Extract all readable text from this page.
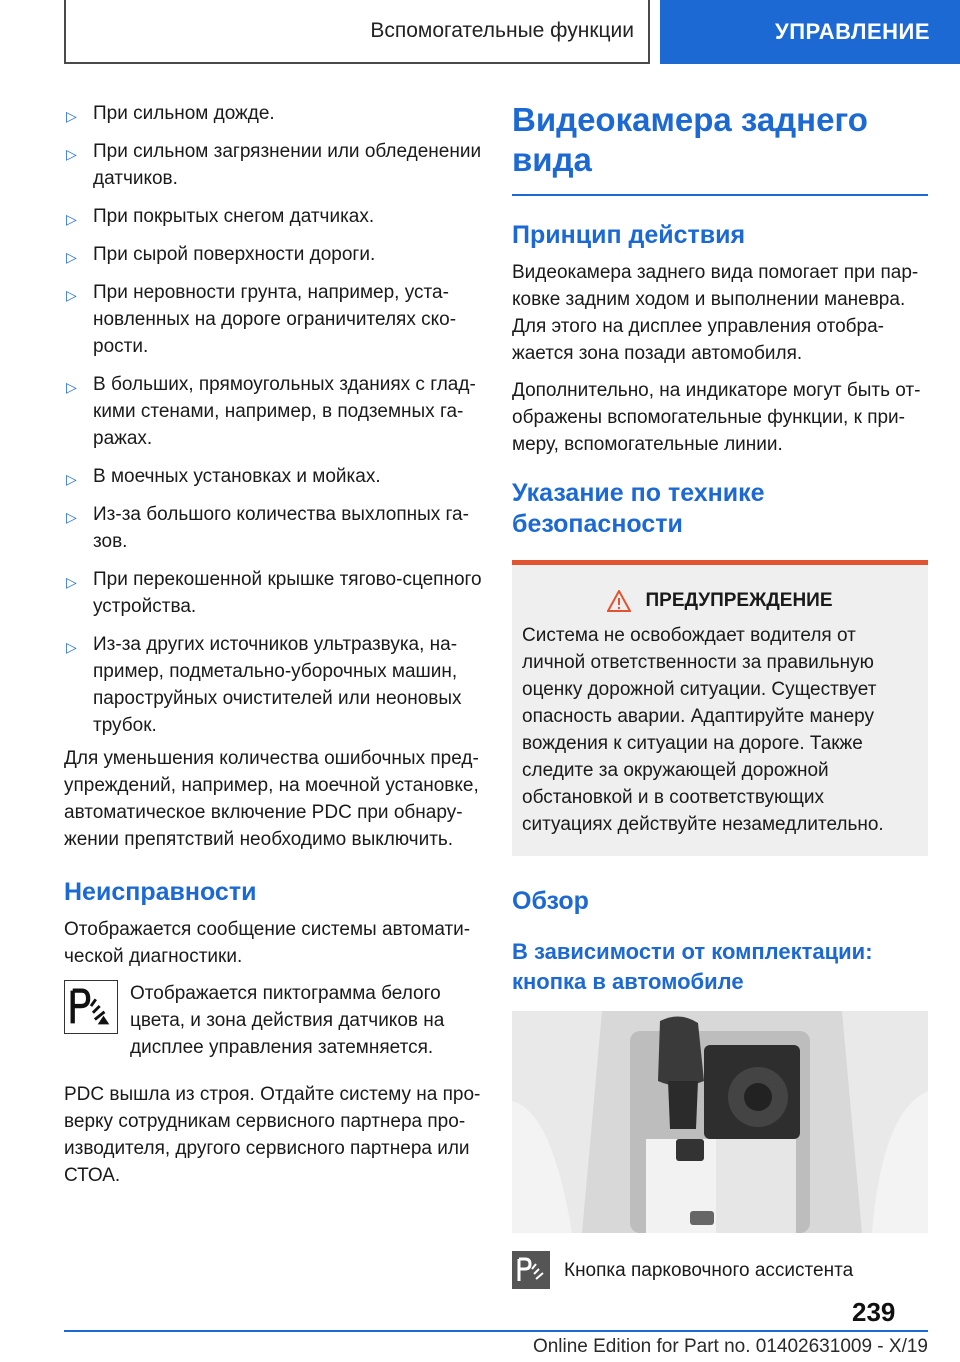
Вспомогательные функции	УПРАВЛЕНИЕ
▷ При сильном дожде.
▷ При сильном загрязнении или обледенении датчиков.
▷ При покрытых снегом датчиках.
▷ При сырой поверхности дороги.
▷ При неровности грунта, например, установленных на дороге ограничителях скорости.
▷ В больших, прямоугольных зданиях с гладкими стенами, например, в подземных гаражах.
▷ В моечных установках и мойках.
▷ Из-за большого количества выхлопных газов.
▷ При перекошенной крышке тягово-сцепного устройства.
▷ Из-за других источников ультразвука, например, подметально-уборочных машин, пароструйных очистителей или неоновых трубок.

Для уменьшения количества ошибочных предупреждений, например, на моечной установке, автоматическое включение PDC при обнаружении препятствий необходимо выключить.

Неисправности

Отображается сообщение системы автоматической диагностики.

Отображается пиктограмма белого цвета, и зона действия датчиков на дисплее управления затемняется.

PDC вышла из строя. Отдайте систему на проверку сотрудникам сервисного партнера производителя, другого сервисного партнера или СТОА.

Видеокамера заднего вида
Принцип действия

Видеокамера заднего вида помогает при парковке задним ходом и выполнении маневра. Для этого на дисплее управления отображается зона позади автомобиля.

Дополнительно, на индикаторе могут быть отображены вспомогательные функции, к примеру, вспомогательные линии.

Указание по технике безопасности
ПРЕДУПРЕЖДЕНИЕ
Система не освобождает водителя от личной ответственности за правильную оценку дорожной ситуации. Существует опасность аварии. Адаптируйте манеру вождения к ситуации на дороге. Также следите за окружающей дорожной обстановкой и в соответствующих ситуациях действуйте незамедлительно.
Обзор
В зависимости от комплектации: кнопка в автомобиле
Кнопка парковочного ассистента
239
Online Edition for Part no. 01402631009 - X/19
